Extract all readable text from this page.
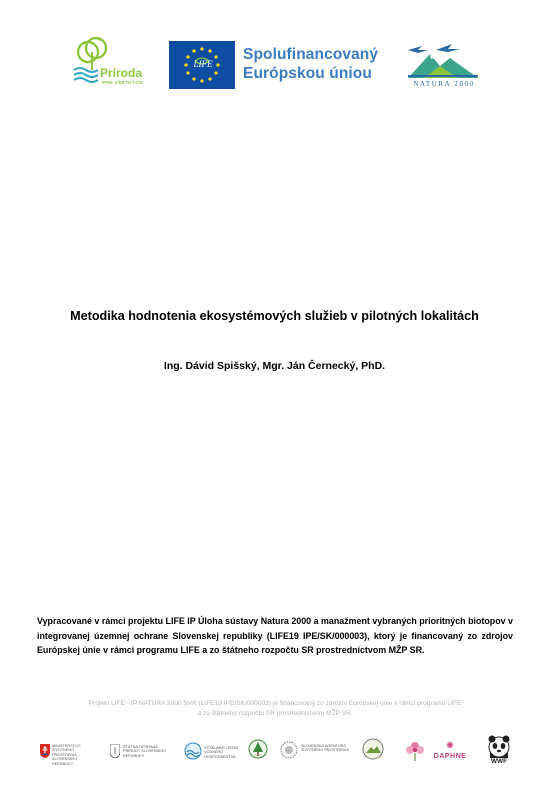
Príroda
PRE VŠETKÝCH
LIFE
Spolufinancovaný
Európskou úniou
NATURA 2000
Metodika hodnotenia ekosystémových služieb v pilotných lokalitách
Ing. Dávid Spišský, Mgr. Ján Černecký, PhD.
Vypracované v rámci projektu LIFE IP Úloha sústavy Natura 2000 a manažment vybraných prioritných biotopov v integrovanej územnej ochrane Slovenskej republiky (LIFE19 IPE/SK/000003), ktorý je financovaný zo zdrojov Európskej únie v rámci programu LIFE a zo štátneho rozpočtu SR prostredníctvom MŽP SR.
Projekt LIFE - IP NATURA 2000 SVK (LIFE19 IPE/SK/000003) je financovaný zo zdrojov Európskej únie v rámci programu LIFE
a zo štátneho rozpočtu SR prostredníctvom MŽP SR.
MINISTERSTVO ŽIVOTNÉHO PROSTREDIA SLOVENSKEJ REPUBLIKY
ŠTÁTNA OCHRANA PRÍRODY SLOVENSKEJ REPUBLIKY
VÝSKUMNÝ ÚSTAV VODNÉHO HOSPODÁRSTVA
SLOVENSKÁ AGENTÚRA ŽIVOTNÉHO PROSTREDIA
DAPHNE
WWF
